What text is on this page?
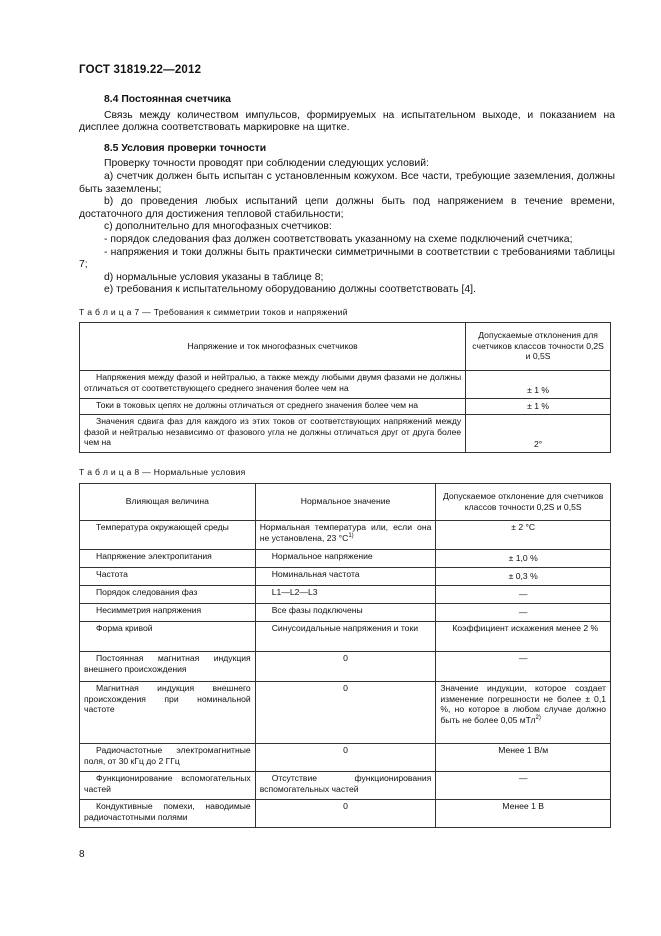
ГОСТ 31819.22—2012
8.4 Постоянная счетчика

Связь между количеством импульсов, формируемых на испытательном выходе, и показанием на дисплее должна соответствовать маркировке на щитке.

8.5 Условия проверки точности

Проверку точности проводят при соблюдении следующих условий:

a) счетчик должен быть испытан с установленным кожухом. Все части, требующие заземления, должны быть заземлены;

b) до проведения любых испытаний цепи должны быть под напряжением в течение времени, достаточного для достижения тепловой стабильности;

c) дополнительно для многофазных счетчиков:

- порядок следования фаз должен соответствовать указанному на схеме подключений счетчика;

- напряжения и токи должны быть практически симметричными в соответствии с требованиями таблицы 7;

d) нормальные условия указаны в таблице 8;

e) требования к испытательному оборудованию должны соответствовать [4].

Т а б л и ц а 7 — Требования к симметрии токов и напряжений
Напряжение и ток многофазных счетчиков	Допускаемые отклонения для счетчиков классов точности 0,2S и 0,5S

Напряжения между фазой и нейтралью, а также между любыми двумя фазами не должны отличаться от соответствующего среднего значения более чем на	± 1 %

Токи в токовых цепях не должны отличаться от среднего значения более чем на	± 1 %

Значения сдвига фаз для каждого из этих токов от соответствующих напряжений между фазой и нейтралью независимо от фазового угла не должны отличаться друг от друга более чем на	2°
Т а б л и ц а 8 — Нормальные условия
Влияющая величина	Нормальное значение	Допускаемое отклонение для счетчиков классов точности 0,2S и 0,5S

Температура окружающей среды	Нормальная температура или, если она не установлена, 23 $^\circ С^{1)}$	± 2 °С

Напряжение электропитания	Нормальное напряжение	± 1,0 %

Частота	Номинальная частота	± 0,3 %

Порядок следования фаз	L1—L2—L3	—

Несимметрия напряжения	Все фазы подключены	—

Форма кривой	Синусоидальные напряжения и токи	Коэффициент искажения менее 2 %

Постоянная магнитная индукция внешнего происхождения	0	—

Магнитная индукция внешнего происхождения при номинальной частоте	0	Значение индукции, которое создает изменение погрешности не более ± 0,1 %, но которое в любом случае должно быть не более 0,05 мТл$^{2)}$

Радиочастотные электромагнитные поля, от 30 кГц до 2 ГГц	0	Менее 1 В/м

Функционирование вспомогательных частей	Отсутствие функционирования вспомогательных частей	—

Кондуктивные помехи, наводимые радиочастотными полями	0	Менее 1 В
8
